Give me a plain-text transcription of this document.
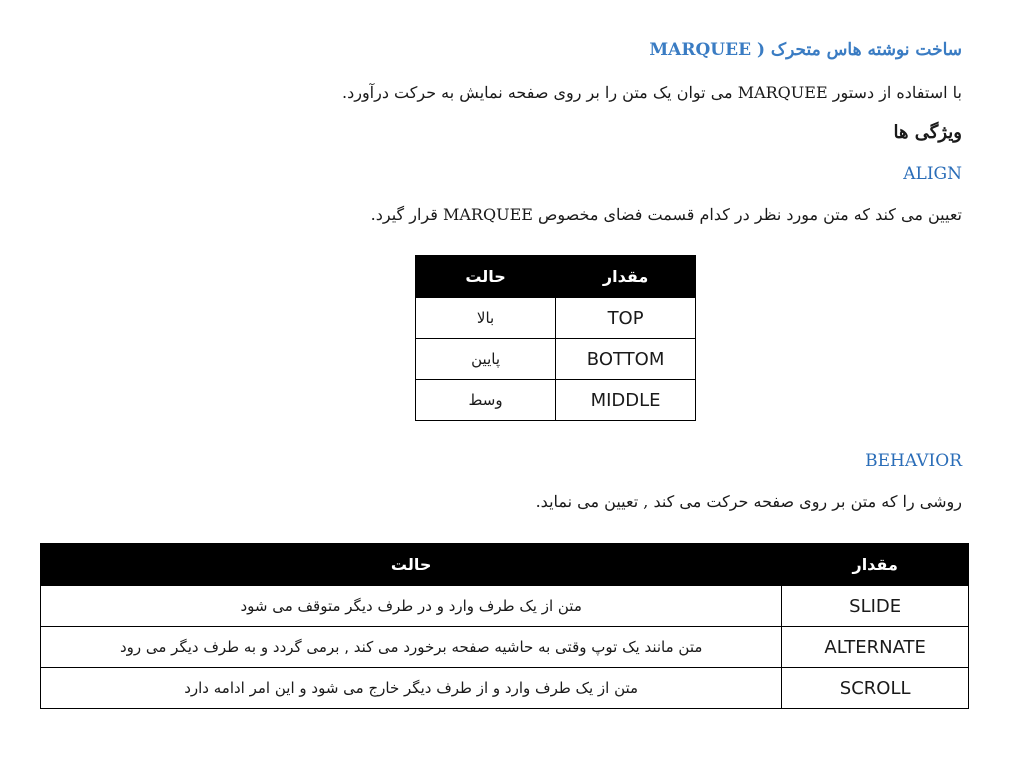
ساخت نوشته هاس متحرک ( MARQUEE
با استفاده از دستور MARQUEE می توان یک متن را بر روی صفحه نمایش به حرکت درآورد.
ویژگی ها
ALIGN
تعیین می کند که متن مورد نظر در کدام قسمت فضای مخصوص MARQUEE قرار گیرد.
مقدار	حالت
TOP	بالا
BOTTOM	پایین
MIDDLE	وسط
BEHAVIOR
روشی را که متن بر روی صفحه حرکت می کند , تعیین می نماید.
مقدار	حالت
SLIDE	متن از یک طرف وارد و در طرف دیگر متوقف می شود
ALTERNATE	متن مانند یک توپ وقتی به حاشیه صفحه برخورد می کند , برمی گردد و به طرف دیگر می رود
SCROLL	متن از یک طرف وارد و از طرف دیگر خارج می شود و این امر ادامه دارد
